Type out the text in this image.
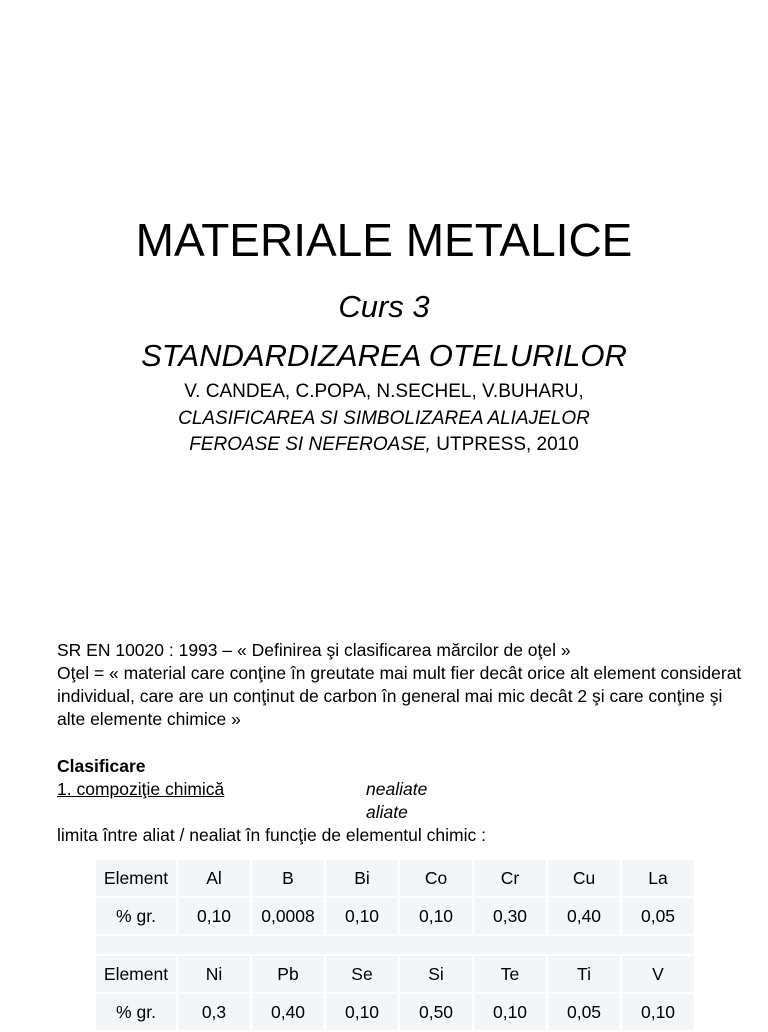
MATERIALE METALICE
Curs 3
STANDARDIZAREA OTELURILOR
V. CANDEA, C.POPA, N.SECHEL, V.BUHARU,
CLASIFICAREA SI SIMBOLIZAREA ALIAJELOR
FEROASE SI NEFEROASE, UTPRESS, 2010
SR EN 10020 : 1993 – « Definirea şi clasificarea mărcilor de oţel »
Oţel = « material care conţine în greutate mai mult fier decât orice alt element considerat individual, care are un conţinut de carbon în general mai mic decât 2 şi care conţine şi alte elemente chimice »
Clasificare
1. compoziţie chimică	nealiate
aliate
limita între aliat / nealiat în funcţie de elementul chimic :
Element	Al	B	Bi	Co	Cr	Cu	La
% gr.	0,10	0,0008	0,10	0,10	0,30	0,40	0,05

Element	Ni	Pb	Se	Si	Te	Ti	V
% gr.	0,3	0,40	0,10	0,50	0,10	0,05	0,10
